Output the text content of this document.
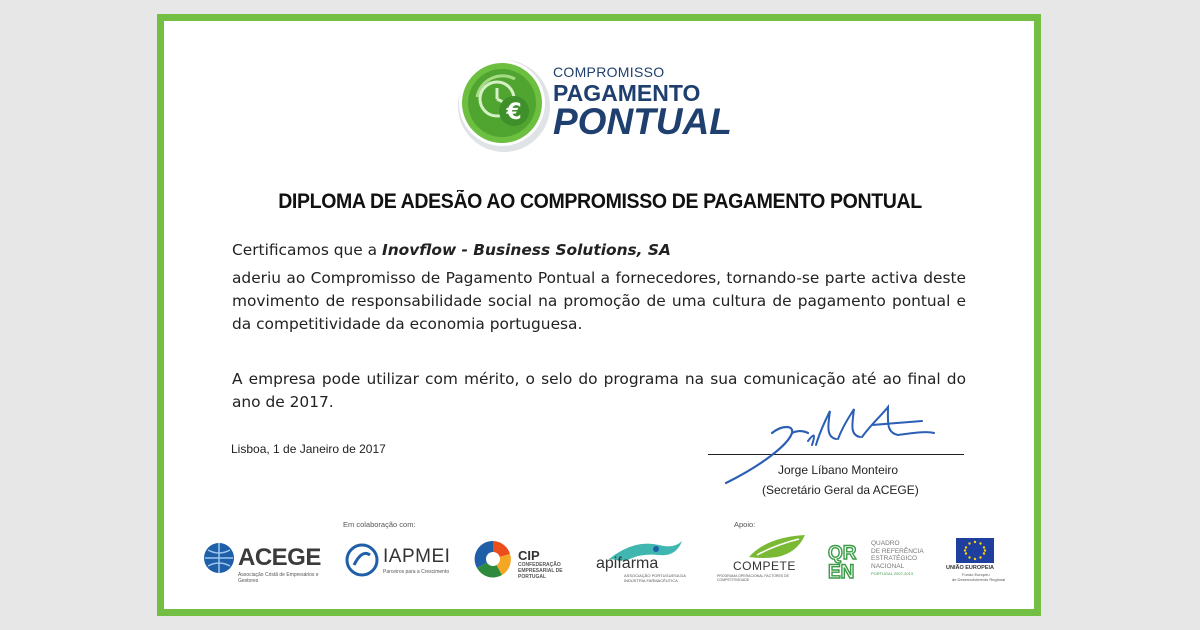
€
COMPROMISSO
PAGAMENTO
PONTUAL
DIPLOMA DE ADESÃO AO COMPROMISSO DE PAGAMENTO PONTUAL
Certificamos que a Inovflow - Business Solutions, SA
aderiu ao Compromisso de Pagamento Pontual a fornecedores, tornando-se parte activa deste movimento de responsabilidade social na promoção de uma cultura de pagamento pontual e da competitividade da economia portuguesa.
A empresa pode utilizar com mérito, o selo do programa na sua comunicação até ao final do ano de 2017.
Lisboa, 1 de Janeiro de 2017
Jorge Líbano Monteiro
(Secretário Geral da ACEGE)
Em colaboração com:	Apoio:
ACEGE
Associação Cristã de Empresários e Gestores
IAPMEI
Parceiros para a Crescimento
CIP
CONFEDERAÇÃO EMPRESARIAL DE PORTUGAL
apifarma
ASSOCIAÇÃO PORTUGUESA DA INDÚSTRIA FARMACÊUTICA
COMPETE
PROGRAMA OPERACIONAL FACTORES DE COMPETITIVIDADE
QR
EN
QUADRO
DE REFERÊNCIA
ESTRATÉGICO
NACIONAL
PORTUGAL 2007-2013
UNIÃO EUROPEIA
Fundo Europeu
de Desenvolvimento Regional
